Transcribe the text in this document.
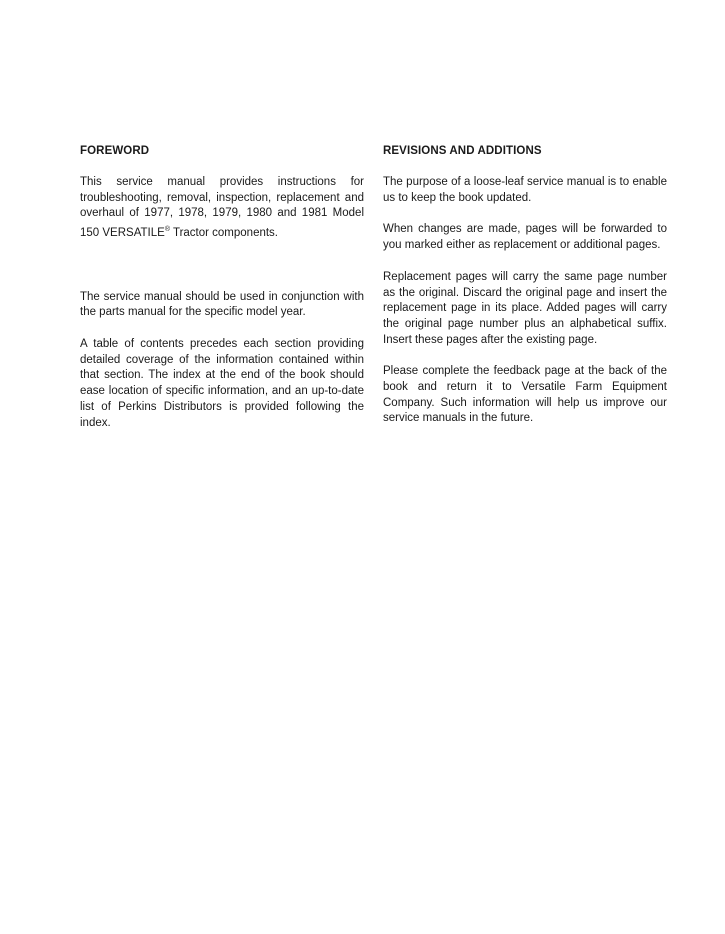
FOREWORD

This service manual provides instructions for troubleshooting, removal, inspection, replacement and overhaul of 1977, 1978, 1979, 1980 and 1981 Model 150 VERSATILE® Tractor components.

The service manual should be used in conjunction with the parts manual for the specific model year.

A table of contents precedes each section providing detailed coverage of the information contained within that section. The index at the end of the book should ease location of specific information, and an up-to-date list of Perkins Distributors is provided following the index.

REVISIONS AND ADDITIONS

The purpose of a loose-leaf service manual is to enable us to keep the book updated.

When changes are made, pages will be forwarded to you marked either as replacement or additional pages.

Replacement pages will carry the same page number as the original. Discard the original page and insert the replacement page in its place. Added pages will carry the original page number plus an alphabetical suffix. Insert these pages after the existing page.

Please complete the feedback page at the back of the book and return it to Versatile Farm Equipment Company. Such information will help us improve our service manuals in the future.
